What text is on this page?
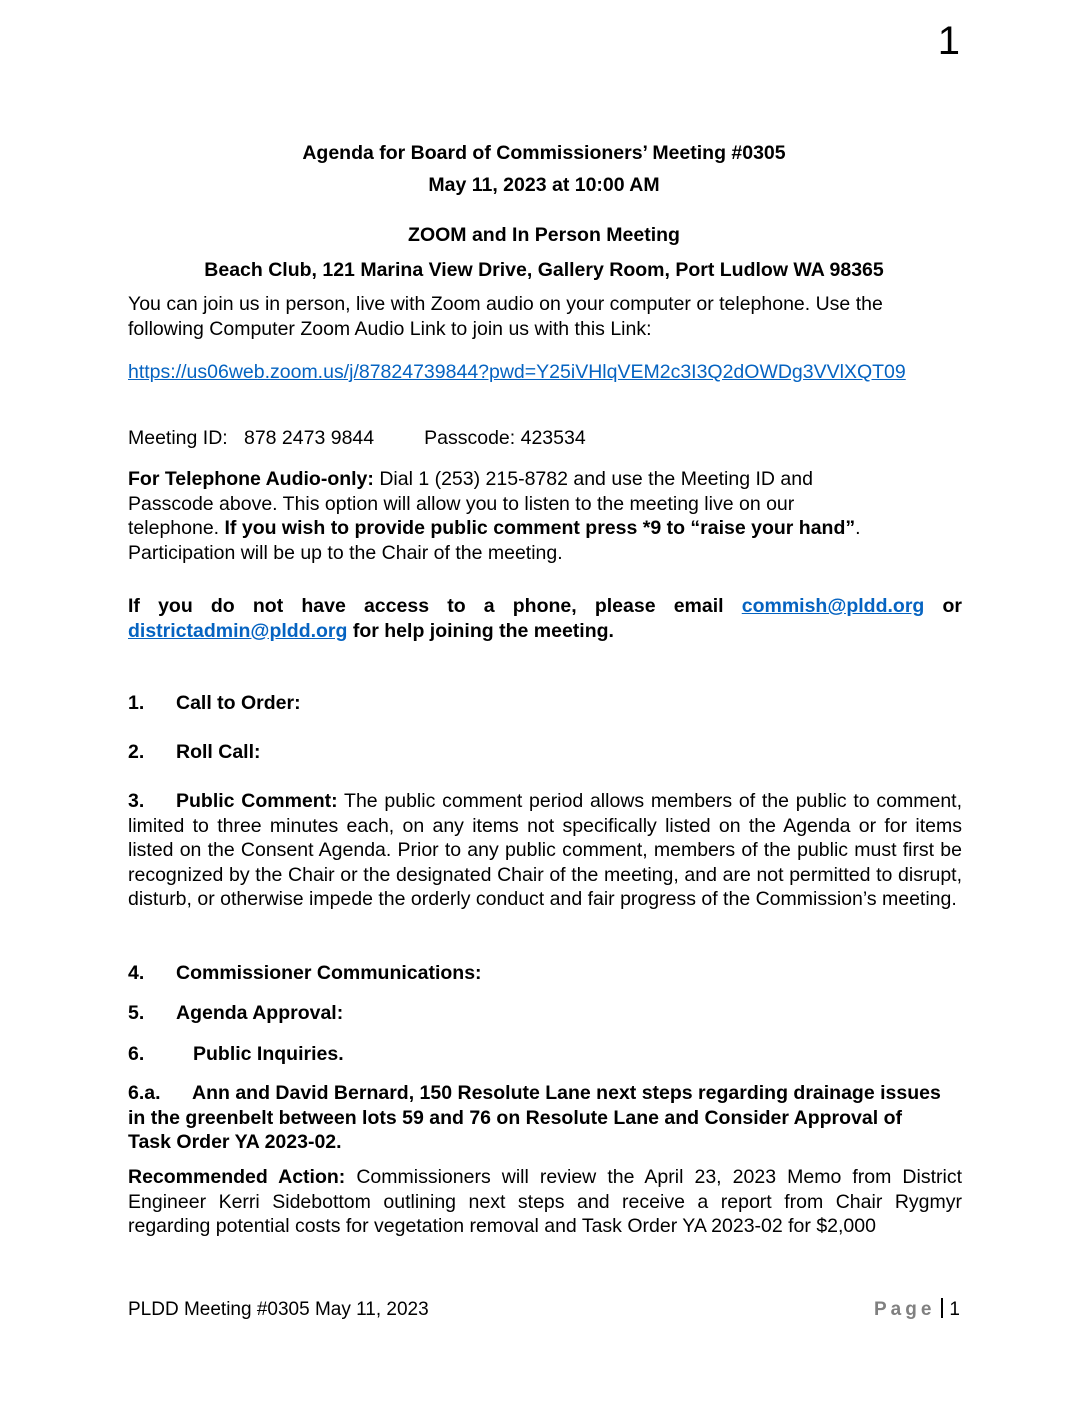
1
Agenda for Board of Commissioners’ Meeting #0305
May 11, 2023 at 10:00 AM
ZOOM and In Person Meeting
Beach Club, 121 Marina View Drive, Gallery Room, Port Ludlow WA 98365
You can join us in person, live with Zoom audio on your computer or telephone. Use the following Computer Zoom Audio Link to join us with this Link:
https://us06web.zoom.us/j/87824739844?pwd=Y25iVHlqVEM2c3I3Q2dOWDg3VVlXQT09
Meeting ID: 878 2473 9844	Passcode: 423534
For Telephone Audio-only: Dial 1 (253) 215-8782 and use the Meeting ID and Passcode above. This option will allow you to listen to the meeting live on our telephone. If you wish to provide public comment press *9 to “raise your hand”. Participation will be up to the Chair of the meeting.
If you do not have access to a phone, please email commish@pldd.org or districtadmin@pldd.org for help joining the meeting.
1. Call to Order:
2. Roll Call:
3. Public Comment: The public comment period allows members of the public to comment, limited to three minutes each, on any items not specifically listed on the Agenda or for items listed on the Consent Agenda. Prior to any public comment, members of the public must first be recognized by the Chair or the designated Chair of the meeting, and are not permitted to disrupt, disturb, or otherwise impede the orderly conduct and fair progress of the Commission’s meeting.
4. Commissioner Communications:
5. Agenda Approval:
6. Public Inquiries.
6.a. Ann and David Bernard, 150 Resolute Lane next steps regarding drainage issues in the greenbelt between lots 59 and 76 on Resolute Lane and Consider Approval of Task Order YA 2023-02.
Recommended Action: Commissioners will review the April 23, 2023 Memo from District Engineer Kerri Sidebottom outlining next steps and receive a report from Chair Rygmyr regarding potential costs for vegetation removal and Task Order YA 2023-02 for $2,000
PLDD Meeting #0305 May 11, 2023	Page 1
